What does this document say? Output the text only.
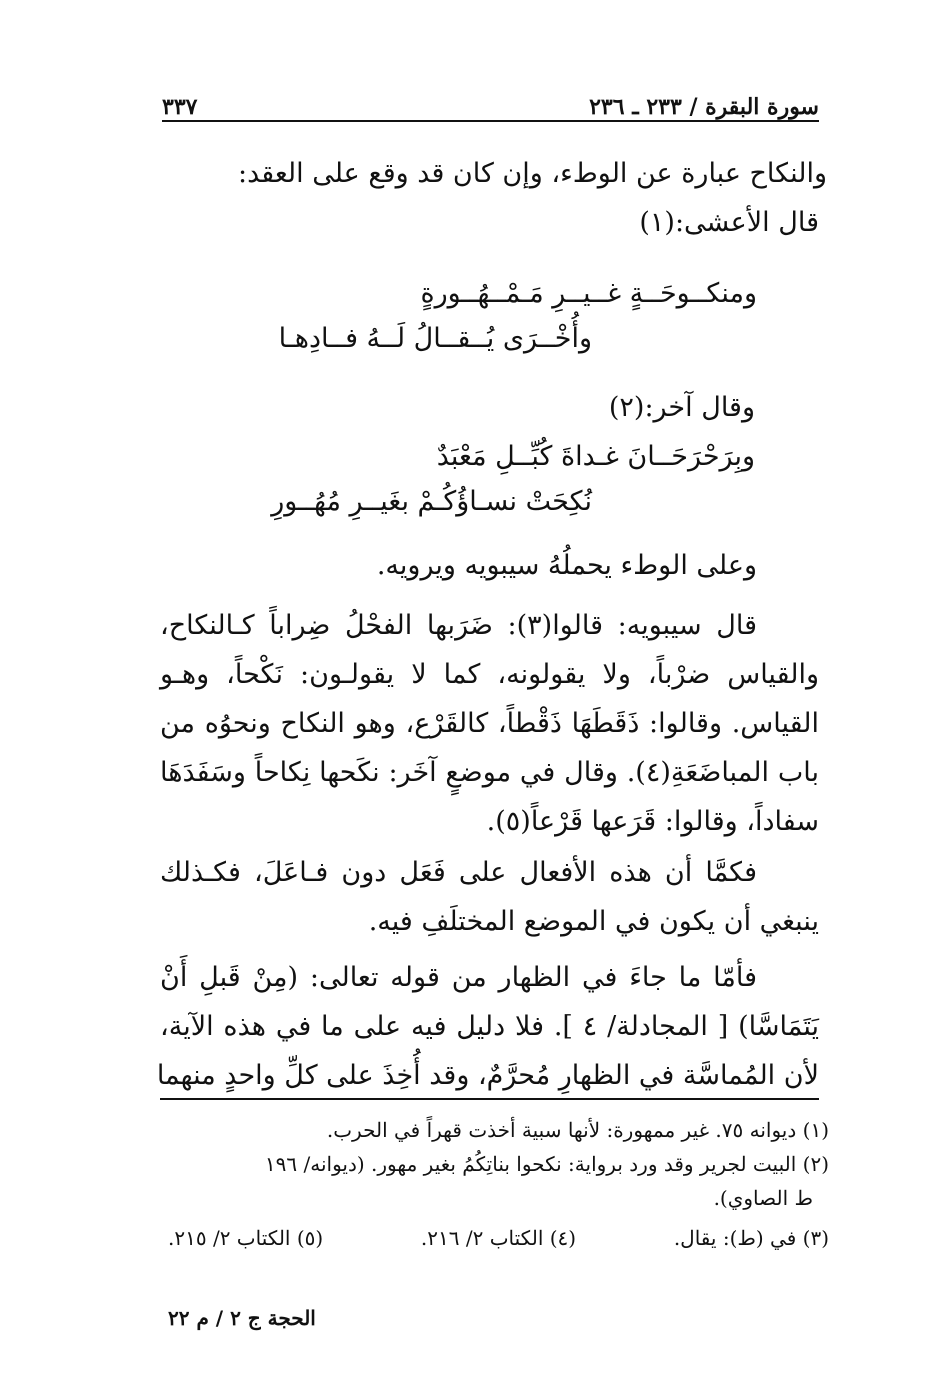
٣٣٧	سورة البقرة / ٢٣٣ ـ ٢٣٦
والنكاح عبارة عن الوطء، وإن كان قد وقع على العقد:
قال الأعشى:(١)
ومنكــوحَــةٍ غــيــرِ مَـمْــهُــورةٍ
وأُخْــرَى يُــقــالُ لَــهُ فــادِهـا
وقال آخر:(٢)
وبِرَحْرَحَــانَ غـداةَ كُبِّــلِ مَعْبَدٌ
نُكِحَتْ نسـاؤُكُـمْ بغَيــرِ مُهُــورِ
وعلى الوطء يحملُهُ سيبويه ويرويه.
قال سيبويه: قالوا(٣): ضَرَبها الفحْلُ ضِراباً كـالنكاح،
والقياس ضرْباً، ولا يقولونه، كما لا يقولـون: نَكْحاً، وهـو
القياس. وقالوا: ذَقَطَهَا ذَقْطاً، كالقَرْع، وهو النكاح ونحوُه من
باب المباضَعَةِ(٤). وقال في موضعٍ آخَر: نكَحها نِكاحاً وسَفَدَهَا
سفاداً، وقالوا: قَرَعها قَرْعاً(٥).
فكمَّا أن هذه الأفعال على فَعَل دون فـاعَلَ، فكـذلك
ينبغي أن يكون في الموضع المختلَفِ فيه.
فأمّا ما جاءَ في الظهار من قوله تعالى: (مِنْ قَبلِ أَنْ
يَتَمَاسَّا) [ المجادلة/ ٤ ]. فلا دليل فيه على ما في هذه الآية،
لأن المُماسَّة في الظهارِ مُحرَّمٌ، وقد أُخِذَ على كلِّ واحدٍ منهما
(١) ديوانه ٧٥. غير ممهورة: لأنها سبية أخذت قهراً في الحرب.
(٢) البيت لجرير وقد ورد برواية: نكحوا بناتِكُمُ بغير مهور. (ديوانه/ ١٩٦
ط الصاوي).
(٣) في (ط): يقال.
(٤) الكتاب ٢/ ٢١٦.
(٥) الكتاب ٢/ ٢١٥.
الحجة ج ٢ / م ٢٢
